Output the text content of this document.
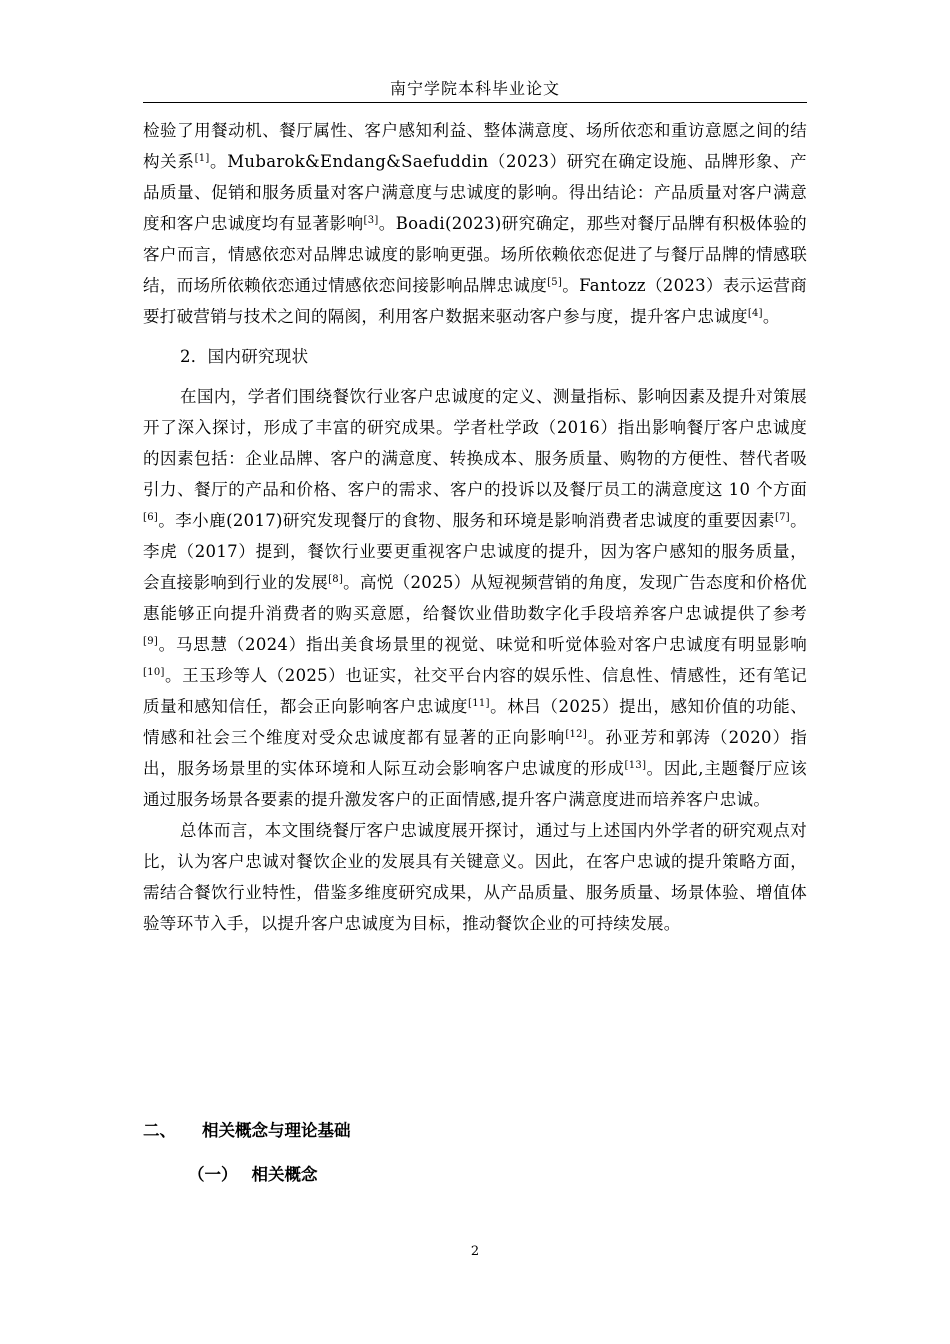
南宁学院本科毕业论文

检验了用餐动机、餐厅属性、客户感知利益、整体满意度、场所依恋和重访意愿之间的结构关系[1]。Mubarok&Endang&Saefuddin（2023）研究在确定设施、品牌形象、产品质量、促销和服务质量对客户满意度与忠诚度的影响。得出结论：产品质量对客户满意度和客户忠诚度均有显著影响[3]。Boadi(2023)研究确定，那些对餐厅品牌有积极体验的客户而言，情感依恋对品牌忠诚度的影响更强。场所依赖依恋促进了与餐厅品牌的情感联结，而场所依赖依恋通过情感依恋间接影响品牌忠诚度[5]。Fantozz（2023）表示运营商要打破营销与技术之间的隔阂，利用客户数据来驱动客户参与度，提升客户忠诚度[4]。

2．国内研究现状

在国内，学者们围绕餐饮行业客户忠诚度的定义、测量指标、影响因素及提升对策展开了深入探讨，形成了丰富的研究成果。学者杜学政（2016）指出影响餐厅客户忠诚度的因素包括：企业品牌、客户的满意度、转换成本、服务质量、购物的方便性、替代者吸引力、餐厅的产品和价格、客户的需求、客户的投诉以及餐厅员工的满意度这 10 个方面[6]。李小鹿(2017)研究发现餐厅的食物、服务和环境是影响消费者忠诚度的重要因素[7]。李虎（2017）提到，餐饮行业要更重视客户忠诚度的提升，因为客户感知的服务质量，会直接影响到行业的发展[8]。高悦（2025）从短视频营销的角度，发现广告态度和价格优惠能够正向提升消费者的购买意愿，给餐饮业借助数字化手段培养客户忠诚提供了参考[9]。马思慧（2024）指出美食场景里的视觉、味觉和听觉体验对客户忠诚度有明显影响[10]。王玉珍等人（2025）也证实，社交平台内容的娱乐性、信息性、情感性，还有笔记质量和感知信任，都会正向影响客户忠诚度[11]。林吕（2025）提出，感知价值的功能、情感和社会三个维度对受众忠诚度都有显著的正向影响[12]。孙亚芳和郭涛（2020）指出，服务场景里的实体环境和人际互动会影响客户忠诚度的形成[13]。因此,主题餐厅应该通过服务场景各要素的提升激发客户的正面情感,提升客户满意度进而培养客户忠诚。

总体而言，本文围绕餐厅客户忠诚度展开探讨，通过与上述国内外学者的研究观点对比，认为客户忠诚对餐饮企业的发展具有关键意义。因此，在客户忠诚的提升策略方面，需结合餐饮行业特性，借鉴多维度研究成果，从产品质量、服务质量、场景体验、增值体验等环节入手，以提升客户忠诚度为目标，推动餐饮企业的可持续发展。

二、 相关概念与理论基础

（一） 相关概念

2
